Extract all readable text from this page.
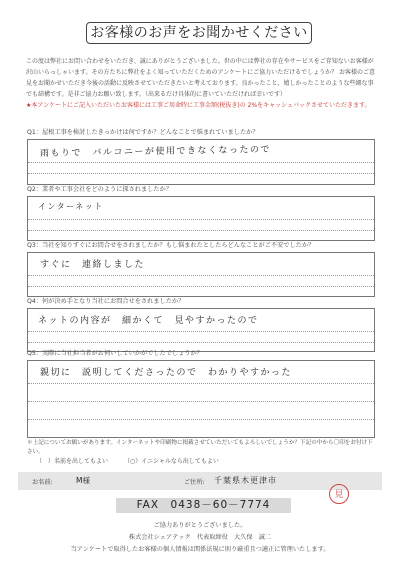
お客様のお声をお聞かせください
この度は弊社にお問い合わせをいただき、誠にありがとうございました。世の中には弊社の存在やサービスをご存知ないお客様が沢山いらっしゃいます。その方たちに弊社をよく知っていただくためのアンケートにご協力いただけるでしょうか？ お客様のご意見をお聞かせいただき今後の活動に反映させていただきたいと考えております。良かったこと、嬉しかったことのような些細な事でも結構です。是非ご協力お願い致します。（出来るだけ具体的に書いていただければ幸いです）
★本アンケートにご記入いただいたお客様には工事ご用命時に工事金額(税抜き)の 2%をキャッシュバックさせていただきます。
Q1：屋根工事を検討したきっかけは何ですか？どんなことで悩まれていましたか？
雨もりで　バルコニーが使用できなくなったので
Q2：業者や工事会社をどのように探されましたか？
インターネット
Q3：当社を知りすぐにお問合せをされましたか？もし悩まれたとしたらどんなことがご不安でしたか？
すぐに　連絡しました
Q4：何が決め手となり当社にお問合せをされましたか？
ネットの内容が　細かくて　見やすかったので
Q5：実際に当社担当者がお伺いしていかがでしたでしょうか？
親切に　説明してくださったので　わかりやすかった
＊上記についてお願いがあります。インターネットや印刷物に掲載させていただいてもよろしいでしょうか？下記の中から〇印をお付け下さい。
（　）名前を出してもよい	（○）イニシャルなら出してもよい
お名前:	M様	ご住所: 千葉県木更津市
見
FAX　0438－60－7774
ご協力ありがとうございました。
株式会社シェアテック　代表取締役　大久保　誠二
当アンケートで取得したお客様の個人情報は関係法規に則り厳重且つ適正に管理いたします。
